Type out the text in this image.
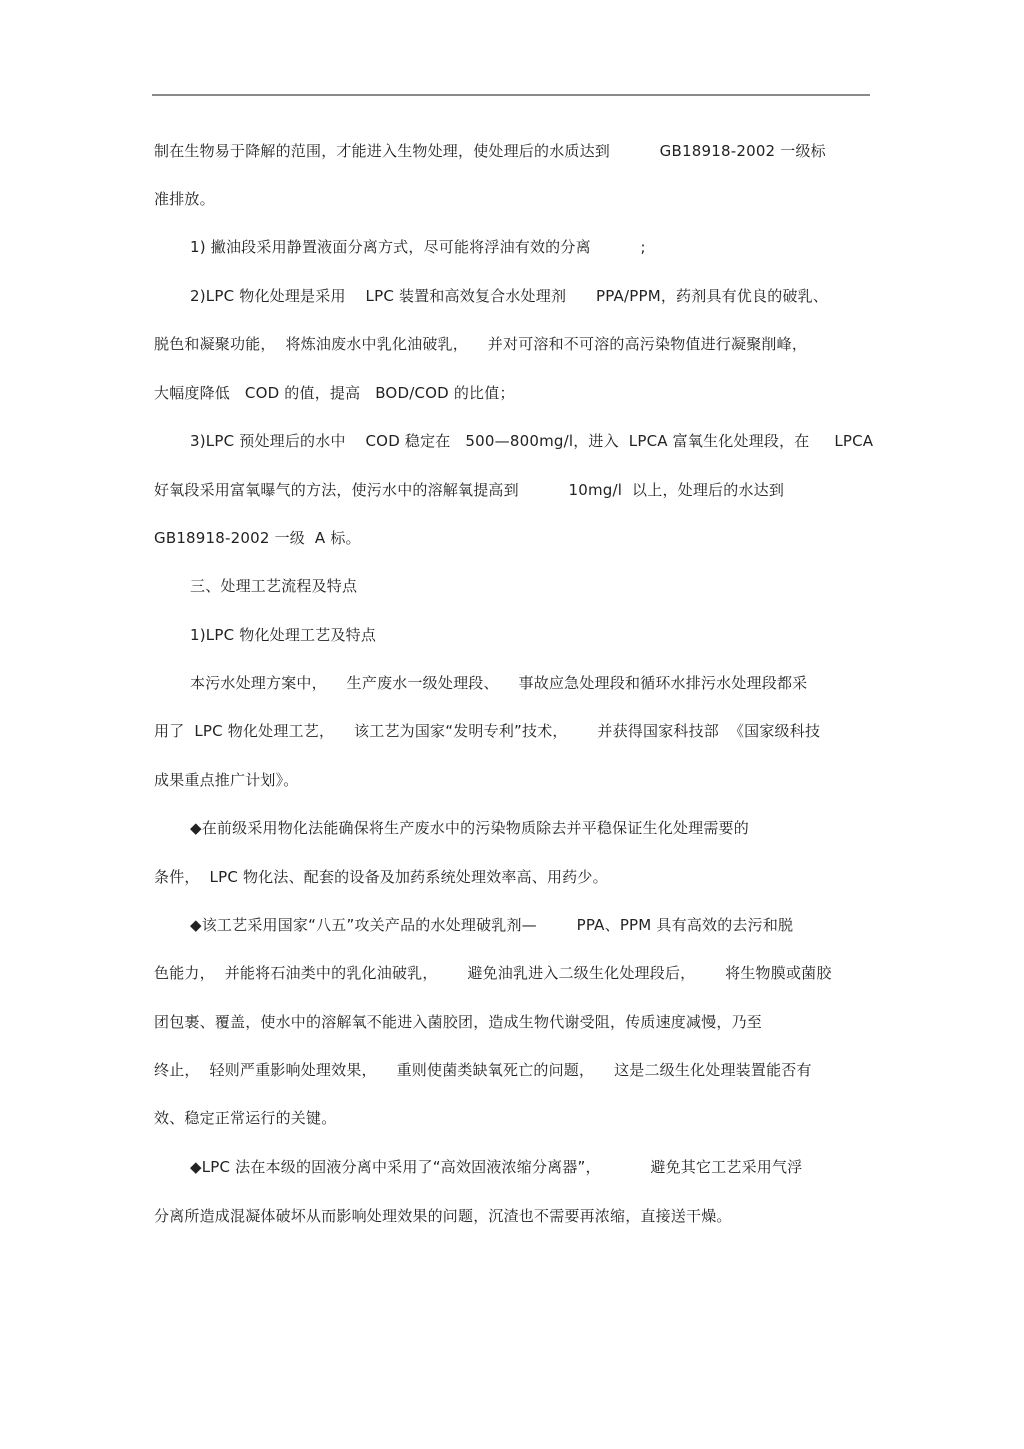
制在生物易于降解的范围，才能进入生物处理，使处理后的水质达到          GB18918-2002 一级标
准排放。
1) 撇油段采用静置液面分离方式，尽可能将浮油有效的分离          ;
2)LPC 物化处理是采用    LPC 装置和高效复合水处理剂      PPA/PPM，药剂具有优良的破乳、
脱色和凝聚功能，  将炼油废水中乳化油破乳，    并对可溶和不可溶的高污染物值进行凝聚削峰，
大幅度降低   COD 的值，提高   BOD/COD 的比值；
3)LPC 预处理后的水中    COD 稳定在   500—800mg/l，进入  LPCA 富氧生化处理段，在     LPCA
好氧段采用富氧曝气的方法，使污水中的溶解氧提高到          10mg/l  以上，处理后的水达到
GB18918-2002 一级  A 标。
三、处理工艺流程及特点
1)LPC 物化处理工艺及特点
本污水处理方案中，    生产废水一级处理段、    事故应急处理段和循环水排污水处理段都采
用了  LPC 物化处理工艺，    该工艺为国家“发明专利”技术，      并获得国家科技部  《国家级科技
成果重点推广计划》。
◆在前级采用物化法能确保将生产废水中的污染物质除去并平稳保证生化处理需要的
条件，  LPC 物化法、配套的设备及加药系统处理效率高、用药少。
◆该工艺采用国家“八五”攻关产品的水处理破乳剂—        PPA、PPM 具有高效的去污和脱
色能力，  并能将石油类中的乳化油破乳，      避免油乳进入二级生化处理段后，      将生物膜或菌胶
团包裹、覆盖，使水中的溶解氧不能进入菌胶团，造成生物代谢受阻，传质速度减慢，乃至
终止，  轻则严重影响处理效果，    重则使菌类缺氧死亡的问题，    这是二级生化处理装置能否有
效、稳定正常运行的关键。
◆LPC 法在本级的固液分离中采用了“高效固液浓缩分离器”，          避免其它工艺采用气浮
分离所造成混凝体破坏从而影响处理效果的问题，沉渣也不需要再浓缩，直接送干燥。
